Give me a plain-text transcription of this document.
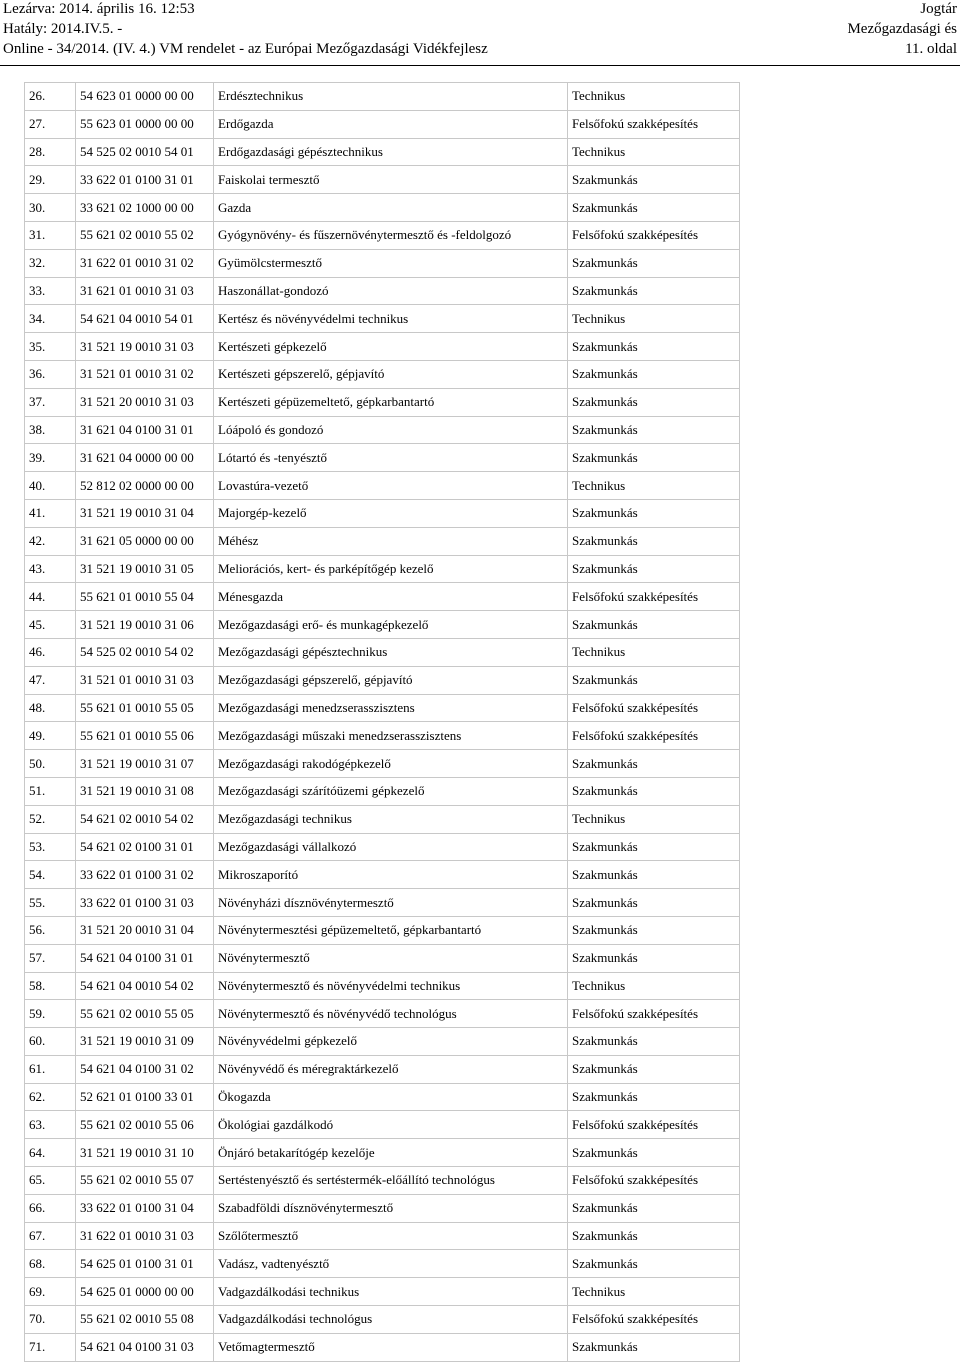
Lezárva: 2014. április 16. 12:53
Hatály: 2014.IV.5. -
Online - 34/2014. (IV. 4.) VM rendelet - az Európai Mezőgazdasági Vidékfejlesz
Jogtár
Mezőgazdasági és
11. oldal
26.	54 623 01 0000 00 00	Erdésztechnikus	Technikus
27.	55 623 01 0000 00 00	Erdőgazda	Felsőfokú szakképesítés
28.	54 525 02 0010 54 01	Erdőgazdasági gépésztechnikus	Technikus
29.	33 622 01 0100 31 01	Faiskolai termesztő	Szakmunkás
30.	33 621 02 1000 00 00	Gazda	Szakmunkás
31.	55 621 02 0010 55 02	Gyógynövény- és fűszernövénytermesztő és -feldolgozó	Felsőfokú szakképesítés
32.	31 622 01 0010 31 02	Gyümölcstermesztő	Szakmunkás
33.	31 621 01 0010 31 03	Haszonállat-gondozó	Szakmunkás
34.	54 621 04 0010 54 01	Kertész és növényvédelmi technikus	Technikus
35.	31 521 19 0010 31 03	Kertészeti gépkezelő	Szakmunkás
36.	31 521 01 0010 31 02	Kertészeti gépszerelő, gépjavító	Szakmunkás
37.	31 521 20 0010 31 03	Kertészeti gépüzemeltető, gépkarbantartó	Szakmunkás
38.	31 621 04 0100 31 01	Lóápoló és gondozó	Szakmunkás
39.	31 621 04 0000 00 00	Lótartó és -tenyésztő	Szakmunkás
40.	52 812 02 0000 00 00	Lovastúra-vezető	Technikus
41.	31 521 19 0010 31 04	Majorgép-kezelő	Szakmunkás
42.	31 621 05 0000 00 00	Méhész	Szakmunkás
43.	31 521 19 0010 31 05	Meliorációs, kert- és parképítőgép kezelő	Szakmunkás
44.	55 621 01 0010 55 04	Ménesgazda	Felsőfokú szakképesítés
45.	31 521 19 0010 31 06	Mezőgazdasági erő- és munkagépkezelő	Szakmunkás
46.	54 525 02 0010 54 02	Mezőgazdasági gépésztechnikus	Technikus
47.	31 521 01 0010 31 03	Mezőgazdasági gépszerelő, gépjavító	Szakmunkás
48.	55 621 01 0010 55 05	Mezőgazdasági menedzserasszisztens	Felsőfokú szakképesítés
49.	55 621 01 0010 55 06	Mezőgazdasági műszaki menedzserasszisztens	Felsőfokú szakképesítés
50.	31 521 19 0010 31 07	Mezőgazdasági rakodógépkezelő	Szakmunkás
51.	31 521 19 0010 31 08	Mezőgazdasági szárítóüzemi gépkezelő	Szakmunkás
52.	54 621 02 0010 54 02	Mezőgazdasági technikus	Technikus
53.	54 621 02 0100 31 01	Mezőgazdasági vállalkozó	Szakmunkás
54.	33 622 01 0100 31 02	Mikroszaporító	Szakmunkás
55.	33 622 01 0100 31 03	Növényházi dísznövénytermesztő	Szakmunkás
56.	31 521 20 0010 31 04	Növénytermesztési gépüzemeltető, gépkarbantartó	Szakmunkás
57.	54 621 04 0100 31 01	Növénytermesztő	Szakmunkás
58.	54 621 04 0010 54 02	Növénytermesztő és növényvédelmi technikus	Technikus
59.	55 621 02 0010 55 05	Növénytermesztő és növényvédő technológus	Felsőfokú szakképesítés
60.	31 521 19 0010 31 09	Növényvédelmi gépkezelő	Szakmunkás
61.	54 621 04 0100 31 02	Növényvédő és méregraktárkezelő	Szakmunkás
62.	52 621 01 0100 33 01	Ökogazda	Szakmunkás
63.	55 621 02 0010 55 06	Ökológiai gazdálkodó	Felsőfokú szakképesítés
64.	31 521 19 0010 31 10	Önjáró betakarítógép kezelője	Szakmunkás
65.	55 621 02 0010 55 07	Sertéstenyésztő és sertéstermék-előállító technológus	Felsőfokú szakképesítés
66.	33 622 01 0100 31 04	Szabadföldi dísznövénytermesztő	Szakmunkás
67.	31 622 01 0010 31 03	Szőlőtermesztő	Szakmunkás
68.	54 625 01 0100 31 01	Vadász, vadtenyésztő	Szakmunkás
69.	54 625 01 0000 00 00	Vadgazdálkodási technikus	Technikus
70.	55 621 02 0010 55 08	Vadgazdálkodási technológus	Felsőfokú szakképesítés
71.	54 621 04 0100 31 03	Vetőmagtermesztő	Szakmunkás
